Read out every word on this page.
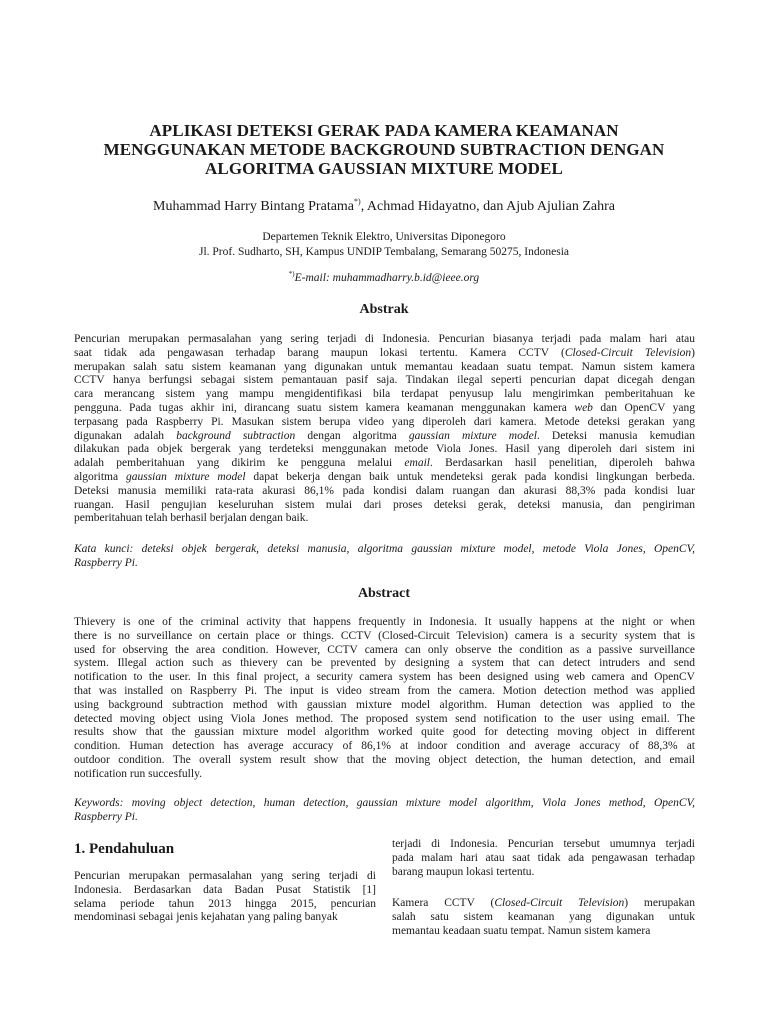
APLIKASI DETEKSI GERAK PADA KAMERA KEAMANAN
MENGGUNAKAN METODE BACKGROUND SUBTRACTION DENGAN
ALGORITMA GAUSSIAN MIXTURE MODEL
Muhammad Harry Bintang Pratama*), Achmad Hidayatno, dan Ajub Ajulian Zahra
Departemen Teknik Elektro, Universitas Diponegoro
Jl. Prof. Sudharto, SH, Kampus UNDIP Tembalang, Semarang 50275, Indonesia
*)E-mail: muhammadharry.b.id@ieee.org
Abstrak
Pencurian merupakan permasalahan yang sering terjadi di Indonesia. Pencurian biasanya terjadi pada malam hari atau
saat tidak ada pengawasan terhadap barang maupun lokasi tertentu. Kamera CCTV (Closed-Circuit Television)
merupakan salah satu sistem keamanan yang digunakan untuk memantau keadaan suatu tempat. Namun sistem kamera
CCTV hanya berfungsi sebagai sistem pemantauan pasif saja. Tindakan ilegal seperti pencurian dapat dicegah dengan
cara merancang sistem yang mampu mengidentifikasi bila terdapat penyusup lalu mengirimkan pemberitahuan ke
pengguna. Pada tugas akhir ini, dirancang suatu sistem kamera keamanan menggunakan kamera web dan OpenCV yang
terpasang pada Raspberry Pi. Masukan sistem berupa video yang diperoleh dari kamera. Metode deteksi gerakan yang
digunakan adalah background subtraction dengan algoritma gaussian mixture model. Deteksi manusia kemudian
dilakukan pada objek bergerak yang terdeteksi menggunakan metode Viola Jones. Hasil yang diperoleh dari sistem ini
adalah pemberitahuan yang dikirim ke pengguna melalui email. Berdasarkan hasil penelitian, diperoleh bahwa
algoritma gaussian mixture model dapat bekerja dengan baik untuk mendeteksi gerak pada kondisi lingkungan berbeda.
Deteksi manusia memiliki rata-rata akurasi 86,1% pada kondisi dalam ruangan dan akurasi 88,3% pada kondisi luar
ruangan. Hasil pengujian keseluruhan sistem mulai dari proses deteksi gerak, deteksi manusia, dan pengiriman
pemberitahuan telah berhasil berjalan dengan baik.
Kata kunci: deteksi objek bergerak, deteksi manusia, algoritma gaussian mixture model, metode Viola Jones, OpenCV,
Raspberry Pi.
Abstract
Thievery is one of the criminal activity that happens frequently in Indonesia. It usually happens at the night or when
there is no surveillance on certain place or things. CCTV (Closed-Circuit Television) camera is a security system that is
used for observing the area condition. However, CCTV camera can only observe the condition as a passive surveillance
system. Illegal action such as thievery can be prevented by designing a system that can detect intruders and send
notification to the user. In this final project, a security camera system has been designed using web camera and OpenCV
that was installed on Raspberry Pi. The input is video stream from the camera. Motion detection method was applied
using background subtraction method with gaussian mixture model algorithm. Human detection was applied to the
detected moving object using Viola Jones method. The proposed system send notification to the user using email. The
results show that the gaussian mixture model algorithm worked quite good for detecting moving object in different
condition. Human detection has average accuracy of 86,1% at indoor condition and average accuracy of 88,3% at
outdoor condition. The overall system result show that the moving object detection, the human detection, and email
notification run succesfully.
Keywords: moving object detection, human detection, gaussian mixture model algorithm, Viola Jones method, OpenCV,
Raspberry Pi.
1. Pendahuluan
Pencurian merupakan permasalahan yang sering terjadi di
Indonesia. Berdasarkan data Badan Pusat Statistik [1]
selama periode tahun 2013 hingga 2015, pencurian
mendominasi sebagai jenis kejahatan yang paling banyak
terjadi di Indonesia. Pencurian tersebut umumnya terjadi
pada malam hari atau saat tidak ada pengawasan terhadap
barang maupun lokasi tertentu.
Kamera CCTV (Closed-Circuit Television) merupakan
salah satu sistem keamanan yang digunakan untuk
memantau keadaan suatu tempat. Namun sistem kamera
